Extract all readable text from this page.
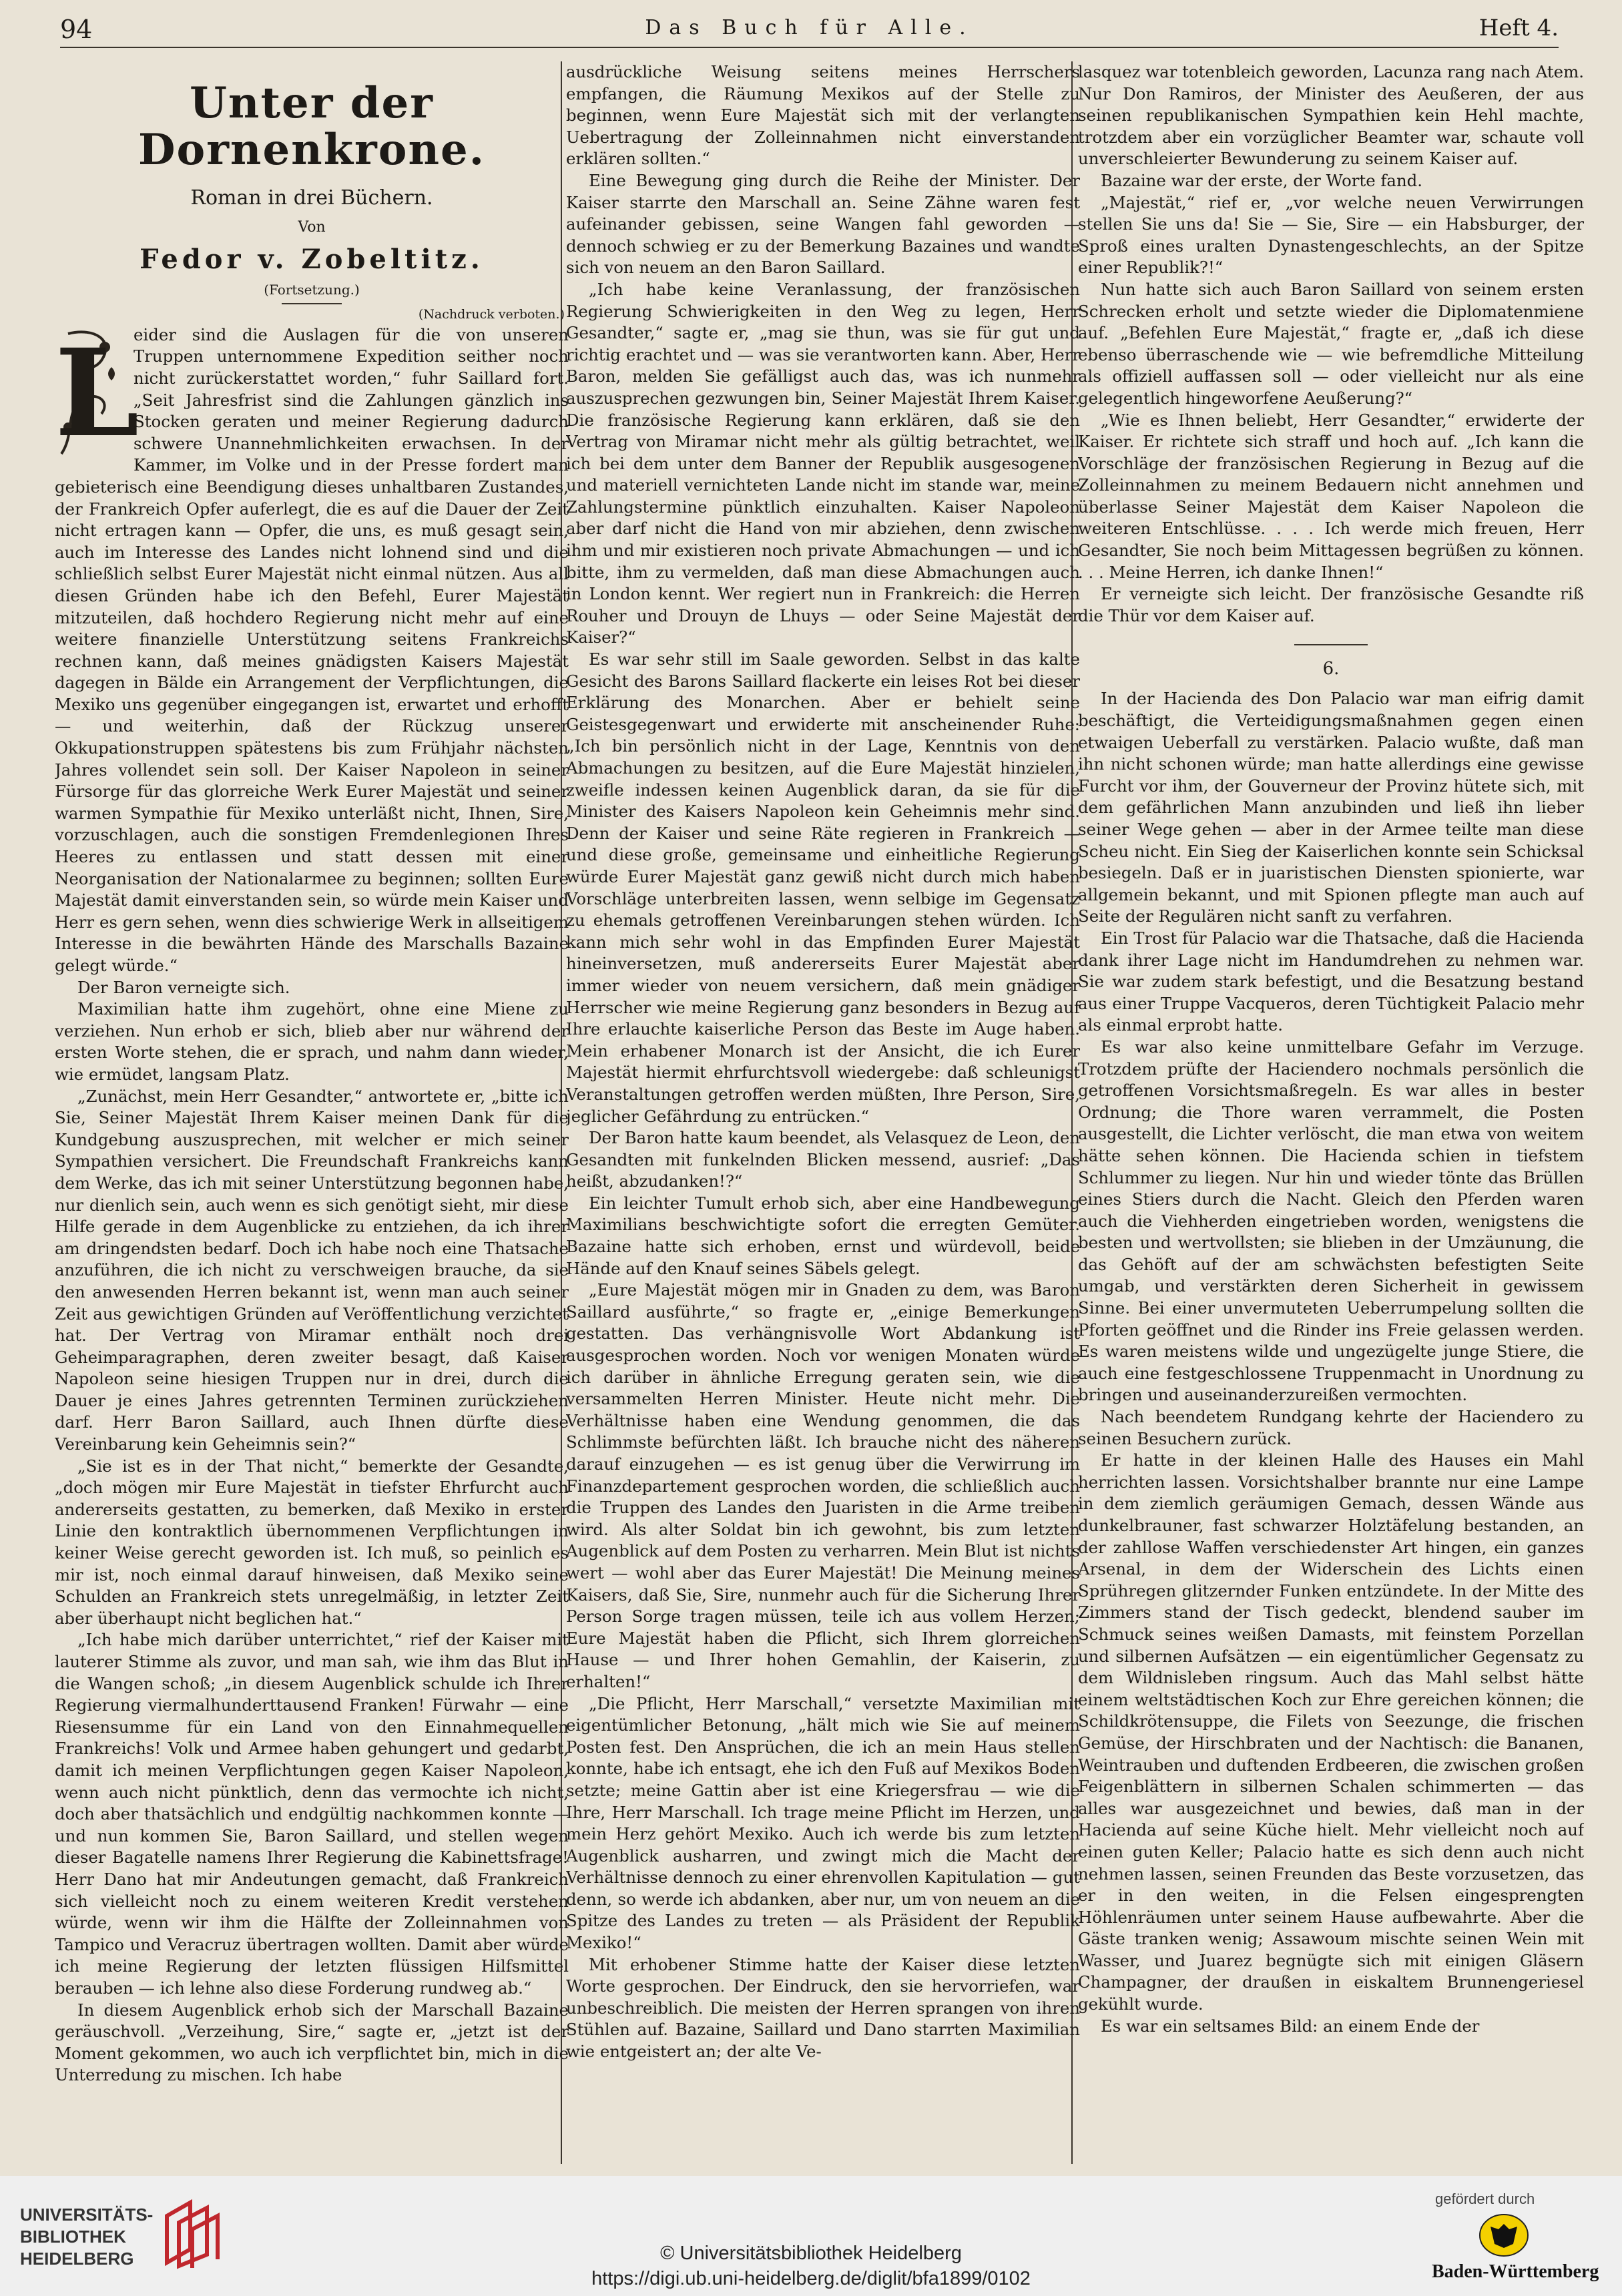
94	Das Buch für Alle.	Heft 4.
Unter der Dornenkrone.
Roman in drei Büchern.
Von
Fedor v. Zobeltitz.
(Fortsetzung.)
(Nachdruck verboten.)
L

eider sind die Auslagen für die von unseren Truppen unternommene Expedition seither noch nicht zurückerstattet worden,“ fuhr Saillard fort. „Seit Jahresfrist sind die Zahlungen gänzlich ins Stocken geraten und meiner Regierung dadurch schwere Unannehmlichkeiten erwachsen. In der Kammer, im Volke und in der Presse fordert man gebieterisch eine Beendigung dieses unhaltbaren Zustandes, der Frankreich Opfer auferlegt, die es auf die Dauer der Zeit nicht ertragen kann — Opfer, die uns, es muß gesagt sein, auch im Interesse des Landes nicht lohnend sind und die schließlich selbst Eurer Majestät nicht einmal nützen. Aus all diesen Gründen habe ich den Befehl, Eurer Majestät mitzuteilen, daß hochdero Regierung nicht mehr auf eine weitere finanzielle Unterstützung seitens Frankreichs rechnen kann, daß meines gnädigsten Kaisers Majestät dagegen in Bälde ein Arrangement der Verpflichtungen, die Mexiko uns gegenüber eingegangen ist, erwartet und erhofft — und weiterhin, daß der Rückzug unserer Okkupationstruppen spätestens bis zum Frühjahr nächsten Jahres vollendet sein soll. Der Kaiser Napoleon in seiner Fürsorge für das glorreiche Werk Eurer Majestät und seiner warmen Sympathie für Mexiko unterläßt nicht, Ihnen, Sire, vorzuschlagen, auch die sonstigen Fremdenlegionen Ihres Heeres zu entlassen und statt dessen mit einer Neorganisation der Nationalarmee zu beginnen; sollten Eure Majestät damit einverstanden sein, so würde mein Kaiser und Herr es gern sehen, wenn dies schwierige Werk in allseitigem Interesse in die bewährten Hände des Marschalls Bazaine gelegt würde.“

Der Baron verneigte sich.

Maximilian hatte ihm zugehört, ohne eine Miene zu verziehen. Nun erhob er sich, blieb aber nur während der ersten Worte stehen, die er sprach, und nahm dann wieder, wie ermüdet, langsam Platz.

„Zunächst, mein Herr Gesandter,“ antwortete er, „bitte ich Sie, Seiner Majestät Ihrem Kaiser meinen Dank für die Kundgebung auszusprechen, mit welcher er mich seiner Sympathien versichert. Die Freundschaft Frankreichs kann dem Werke, das ich mit seiner Unterstützung begonnen habe, nur dienlich sein, auch wenn es sich genötigt sieht, mir diese Hilfe gerade in dem Augenblicke zu entziehen, da ich ihrer am dringendsten bedarf. Doch ich habe noch eine Thatsache anzuführen, die ich nicht zu verschweigen brauche, da sie den anwesenden Herren bekannt ist, wenn man auch seiner Zeit aus gewichtigen Gründen auf Veröffentlichung verzichtet hat. Der Vertrag von Miramar enthält noch drei Geheimparagraphen, deren zweiter besagt, daß Kaiser Napoleon seine hiesigen Truppen nur in drei, durch die Dauer je eines Jahres getrennten Terminen zurückziehen darf. Herr Baron Saillard, auch Ihnen dürfte diese Vereinbarung kein Geheimnis sein?“

„Sie ist es in der That nicht,“ bemerkte der Gesandte, „doch mögen mir Eure Majestät in tiefster Ehrfurcht auch andererseits gestatten, zu bemerken, daß Mexiko in erster Linie den kontraktlich übernommenen Verpflichtungen in keiner Weise gerecht geworden ist. Ich muß, so peinlich es mir ist, noch einmal darauf hinweisen, daß Mexiko seine Schulden an Frankreich stets unregelmäßig, in letzter Zeit aber überhaupt nicht beglichen hat.“

„Ich habe mich darüber unterrichtet,“ rief der Kaiser mit lauterer Stimme als zuvor, und man sah, wie ihm das Blut in die Wangen schoß; „in diesem Augenblick schulde ich Ihrer Regierung viermalhunderttausend Franken! Fürwahr — eine Riesensumme für ein Land von den Einnahmequellen Frankreichs! Volk und Armee haben gehungert und gedarbt, damit ich meinen Verpflichtungen gegen Kaiser Napoleon, wenn auch nicht pünktlich, denn das vermochte ich nicht, doch aber thatsächlich und endgültig nachkommen konnte — und nun kommen Sie, Baron Saillard, und stellen wegen dieser Bagatelle namens Ihrer Regierung die Kabinettsfrage! Herr Dano hat mir Andeutungen gemacht, daß Frankreich sich vielleicht noch zu einem weiteren Kredit verstehen würde, wenn wir ihm die Hälfte der Zolleinnahmen von Tampico und Veracruz übertragen wollten. Damit aber würde ich meine Regierung der letzten flüssigen Hilfsmittel berauben — ich lehne also diese Forderung rundweg ab.“

In diesem Augenblick erhob sich der Marschall Bazaine geräuschvoll. „Verzeihung, Sire,“ sagte er, „jetzt ist der Moment gekommen, wo auch ich verpflichtet bin, mich in die Unterredung zu mischen. Ich habe

ausdrückliche Weisung seitens meines Herrschers empfangen, die Räumung Mexikos auf der Stelle zu beginnen, wenn Eure Majestät sich mit der verlangten Uebertragung der Zolleinnahmen nicht einverstanden erklären sollten.“

Eine Bewegung ging durch die Reihe der Minister. Der Kaiser starrte den Marschall an. Seine Zähne waren fest aufeinander gebissen, seine Wangen fahl geworden — dennoch schwieg er zu der Bemerkung Bazaines und wandte sich von neuem an den Baron Saillard.

„Ich habe keine Veranlassung, der französischen Regierung Schwierigkeiten in den Weg zu legen, Herr Gesandter,“ sagte er, „mag sie thun, was sie für gut und richtig erachtet und — was sie verantworten kann. Aber, Herr Baron, melden Sie gefälligst auch das, was ich nunmehr auszusprechen gezwungen bin, Seiner Majestät Ihrem Kaiser. Die französische Regierung kann erklären, daß sie den Vertrag von Miramar nicht mehr als gültig betrachtet, weil ich bei dem unter dem Banner der Republik ausgesogenen und materiell vernichteten Lande nicht im stande war, meine Zahlungstermine pünktlich einzuhalten. Kaiser Napoleon aber darf nicht die Hand von mir abziehen, denn zwischen ihm und mir existieren noch private Abmachungen — und ich bitte, ihm zu vermelden, daß man diese Abmachungen auch in London kennt. Wer regiert nun in Frankreich: die Herren Rouher und Drouyn de Lhuys — oder Seine Majestät der Kaiser?“

Es war sehr still im Saale geworden. Selbst in das kalte Gesicht des Barons Saillard flackerte ein leises Rot bei dieser Erklärung des Monarchen. Aber er behielt seine Geistesgegenwart und erwiderte mit anscheinender Ruhe: „Ich bin persönlich nicht in der Lage, Kenntnis von den Abmachungen zu besitzen, auf die Eure Majestät hinzielen, zweifle indessen keinen Augenblick daran, da sie für die Minister des Kaisers Napoleon kein Geheimnis mehr sind. Denn der Kaiser und seine Räte regieren in Frankreich — und diese große, gemeinsame und einheitliche Regierung würde Eurer Majestät ganz gewiß nicht durch mich haben Vorschläge unterbreiten lassen, wenn selbige im Gegensatz zu ehemals getroffenen Vereinbarungen stehen würden. Ich kann mich sehr wohl in das Empfinden Eurer Majestät hineinversetzen, muß andererseits Eurer Majestät aber immer wieder von neuem versichern, daß mein gnädiger Herrscher wie meine Regierung ganz besonders in Bezug auf Ihre erlauchte kaiserliche Person das Beste im Auge haben. Mein erhabener Monarch ist der Ansicht, die ich Eurer Majestät hiermit ehrfurchtsvoll wiedergebe: daß schleunigst Veranstaltungen getroffen werden müßten, Ihre Person, Sire, jeglicher Gefährdung zu entrücken.“

Der Baron hatte kaum beendet, als Velasquez de Leon, den Gesandten mit funkelnden Blicken messend, ausrief: „Das heißt, abzudanken!?“

Ein leichter Tumult erhob sich, aber eine Handbewegung Maximilians beschwichtigte sofort die erregten Gemüter. Bazaine hatte sich erhoben, ernst und würdevoll, beide Hände auf den Knauf seines Säbels gelegt.

„Eure Majestät mögen mir in Gnaden zu dem, was Baron Saillard ausführte,“ so fragte er, „einige Bemerkungen gestatten. Das verhängnisvolle Wort Abdankung ist ausgesprochen worden. Noch vor wenigen Monaten würde ich darüber in ähnliche Erregung geraten sein, wie die versammelten Herren Minister. Heute nicht mehr. Die Verhältnisse haben eine Wendung genommen, die das Schlimmste befürchten läßt. Ich brauche nicht des näheren darauf einzugehen — es ist genug über die Verwirrung im Finanzdepartement gesprochen worden, die schließlich auch die Truppen des Landes den Juaristen in die Arme treiben wird. Als alter Soldat bin ich gewohnt, bis zum letzten Augenblick auf dem Posten zu verharren. Mein Blut ist nichts wert — wohl aber das Eurer Majestät! Die Meinung meines Kaisers, daß Sie, Sire, nunmehr auch für die Sicherung Ihrer Person Sorge tragen müssen, teile ich aus vollem Herzen; Eure Majestät haben die Pflicht, sich Ihrem glorreichen Hause — und Ihrer hohen Gemahlin, der Kaiserin, zu erhalten!“

„Die Pflicht, Herr Marschall,“ versetzte Maximilian mit eigentümlicher Betonung, „hält mich wie Sie auf meinem Posten fest. Den Ansprüchen, die ich an mein Haus stellen konnte, habe ich entsagt, ehe ich den Fuß auf Mexikos Boden setzte; meine Gattin aber ist eine Kriegersfrau — wie die Ihre, Herr Marschall. Ich trage meine Pflicht im Herzen, und mein Herz gehört Mexiko. Auch ich werde bis zum letzten Augenblick ausharren, und zwingt mich die Macht der Verhältnisse dennoch zu einer ehrenvollen Kapitulation — gut denn, so werde ich abdanken, aber nur, um von neuem an die Spitze des Landes zu treten — als Präsident der Republik Mexiko!“

Mit erhobener Stimme hatte der Kaiser diese letzten Worte gesprochen. Der Eindruck, den sie hervorriefen, war unbeschreiblich. Die meisten der Herren sprangen von ihren Stühlen auf. Bazaine, Saillard und Dano starrten Maximilian wie entgeistert an; der alte Ve-

lasquez war totenbleich geworden, Lacunza rang nach Atem. Nur Don Ramiros, der Minister des Aeußeren, der aus seinen republikanischen Sympathien kein Hehl machte, trotzdem aber ein vorzüglicher Beamter war, schaute voll unverschleierter Bewunderung zu seinem Kaiser auf.

Bazaine war der erste, der Worte fand.

„Majestät,“ rief er, „vor welche neuen Verwirrungen stellen Sie uns da! Sie — Sie, Sire — ein Habsburger, der Sproß eines uralten Dynastengeschlechts, an der Spitze einer Republik?!“

Nun hatte sich auch Baron Saillard von seinem ersten Schrecken erholt und setzte wieder die Diplomatenmiene auf. „Befehlen Eure Majestät,“ fragte er, „daß ich diese ebenso überraschende wie — wie befremdliche Mitteilung als offiziell auffassen soll — oder vielleicht nur als eine gelegentlich hingeworfene Aeußerung?“

„Wie es Ihnen beliebt, Herr Gesandter,“ erwiderte der Kaiser. Er richtete sich straff und hoch auf. „Ich kann die Vorschläge der französischen Regierung in Bezug auf die Zolleinnahmen zu meinem Bedauern nicht annehmen und überlasse Seiner Majestät dem Kaiser Napoleon die weiteren Entschlüsse. . . . Ich werde mich freuen, Herr Gesandter, Sie noch beim Mittagessen begrüßen zu können. . . . Meine Herren, ich danke Ihnen!“

Er verneigte sich leicht. Der französische Gesandte riß die Thür vor dem Kaiser auf.

6.

In der Hacienda des Don Palacio war man eifrig damit beschäftigt, die Verteidigungsmaßnahmen gegen einen etwaigen Ueberfall zu verstärken. Palacio wußte, daß man ihn nicht schonen würde; man hatte allerdings eine gewisse Furcht vor ihm, der Gouverneur der Provinz hütete sich, mit dem gefährlichen Mann anzubinden und ließ ihn lieber seiner Wege gehen — aber in der Armee teilte man diese Scheu nicht. Ein Sieg der Kaiserlichen konnte sein Schicksal besiegeln. Daß er in juaristischen Diensten spionierte, war allgemein bekannt, und mit Spionen pflegte man auch auf Seite der Regulären nicht sanft zu verfahren.

Ein Trost für Palacio war die Thatsache, daß die Hacienda dank ihrer Lage nicht im Handumdrehen zu nehmen war. Sie war zudem stark befestigt, und die Besatzung bestand aus einer Truppe Vacqueros, deren Tüchtigkeit Palacio mehr als einmal erprobt hatte.

Es war also keine unmittelbare Gefahr im Verzuge. Trotzdem prüfte der Haciendero nochmals persönlich die getroffenen Vorsichtsmaßregeln. Es war alles in bester Ordnung; die Thore waren verrammelt, die Posten ausgestellt, die Lichter verlöscht, die man etwa von weitem hätte sehen können. Die Hacienda schien in tiefstem Schlummer zu liegen. Nur hin und wieder tönte das Brüllen eines Stiers durch die Nacht. Gleich den Pferden waren auch die Viehherden eingetrieben worden, wenigstens die besten und wertvollsten; sie blieben in der Umzäunung, die das Gehöft auf der am schwächsten befestigten Seite umgab, und verstärkten deren Sicherheit in gewissem Sinne. Bei einer unvermuteten Ueberrumpelung sollten die Pforten geöffnet und die Rinder ins Freie gelassen werden. Es waren meistens wilde und ungezügelte junge Stiere, die auch eine festgeschlossene Truppenmacht in Unordnung zu bringen und auseinanderzureißen vermochten.

Nach beendetem Rundgang kehrte der Haciendero zu seinen Besuchern zurück.

Er hatte in der kleinen Halle des Hauses ein Mahl herrichten lassen. Vorsichtshalber brannte nur eine Lampe in dem ziemlich geräumigen Gemach, dessen Wände aus dunkelbrauner, fast schwarzer Holztäfelung bestanden, an der zahllose Waffen verschiedenster Art hingen, ein ganzes Arsenal, in dem der Widerschein des Lichts einen Sprühregen glitzernder Funken entzündete. In der Mitte des Zimmers stand der Tisch gedeckt, blendend sauber im Schmuck seines weißen Damasts, mit feinstem Porzellan und silbernen Aufsätzen — ein eigentümlicher Gegensatz zu dem Wildnisleben ringsum. Auch das Mahl selbst hätte einem weltstädtischen Koch zur Ehre gereichen können; die Schildkrötensuppe, die Filets von Seezunge, die frischen Gemüse, der Hirschbraten und der Nachtisch: die Bananen, Weintrauben und duftenden Erdbeeren, die zwischen großen Feigenblättern in silbernen Schalen schimmerten — das alles war ausgezeichnet und bewies, daß man in der Hacienda auf seine Küche hielt. Mehr vielleicht noch auf einen guten Keller; Palacio hatte es sich denn auch nicht nehmen lassen, seinen Freunden das Beste vorzusetzen, das er in den weiten, in die Felsen eingesprengten Höhlenräumen unter seinem Hause aufbewahrte. Aber die Gäste tranken wenig; Assawoum mischte seinen Wein mit Wasser, und Juarez begnügte sich mit einigen Gläsern Champagner, der draußen in eiskaltem Brunnengeriesel gekühlt wurde.

Es war ein seltsames Bild: an einem Ende der

UNIVERSITÄTS-
BIBLIOTHEK
HEIDELBERG	© Universitätsbibliothek Heidelberg
https://digi.ub.uni-heidelberg.de/diglit/bfa1899/0102
gefördert durch
Baden-Württemberg
